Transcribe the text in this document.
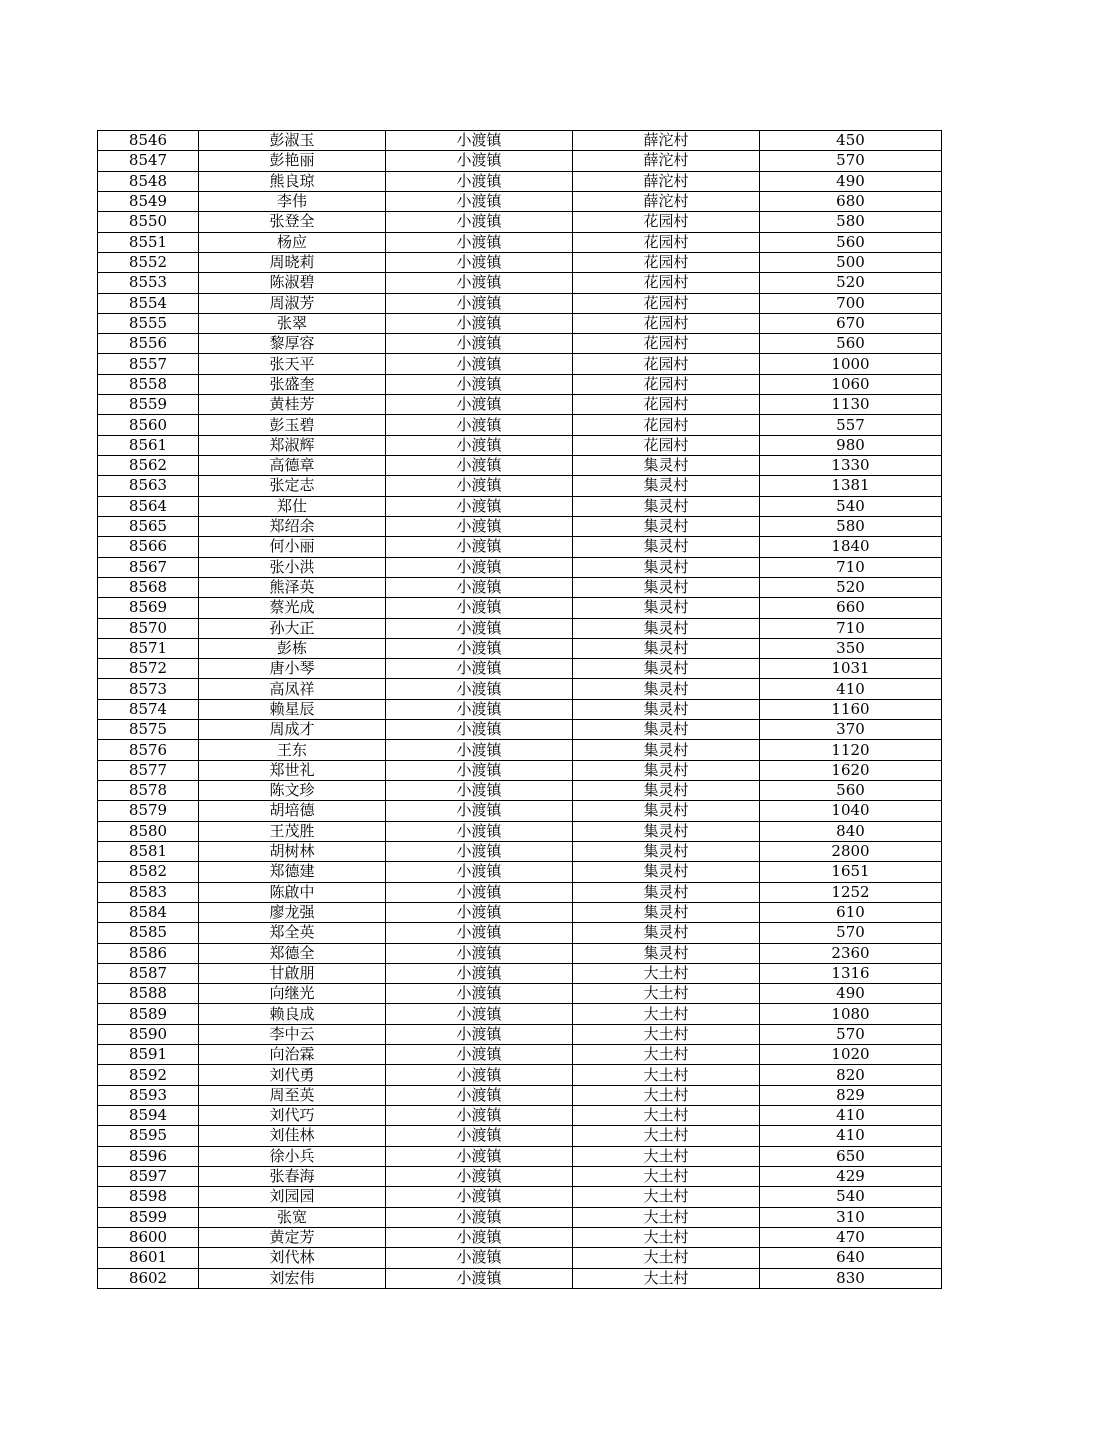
8546	彭淑玉	小渡镇	薛沱村	450
8547	彭艳丽	小渡镇	薛沱村	570
8548	熊良琼	小渡镇	薛沱村	490
8549	李伟	小渡镇	薛沱村	680
8550	张登全	小渡镇	花园村	580
8551	杨应	小渡镇	花园村	560
8552	周晓莉	小渡镇	花园村	500
8553	陈淑碧	小渡镇	花园村	520
8554	周淑芳	小渡镇	花园村	700
8555	张翠	小渡镇	花园村	670
8556	黎厚容	小渡镇	花园村	560
8557	张天平	小渡镇	花园村	1000
8558	张盛奎	小渡镇	花园村	1060
8559	黄桂芳	小渡镇	花园村	1130
8560	彭玉碧	小渡镇	花园村	557
8561	郑淑辉	小渡镇	花园村	980
8562	高德章	小渡镇	集灵村	1330
8563	张定志	小渡镇	集灵村	1381
8564	郑仕	小渡镇	集灵村	540
8565	郑绍余	小渡镇	集灵村	580
8566	何小丽	小渡镇	集灵村	1840
8567	张小洪	小渡镇	集灵村	710
8568	熊泽英	小渡镇	集灵村	520
8569	蔡光成	小渡镇	集灵村	660
8570	孙大正	小渡镇	集灵村	710
8571	彭栋	小渡镇	集灵村	350
8572	唐小琴	小渡镇	集灵村	1031
8573	高凤祥	小渡镇	集灵村	410
8574	赖星辰	小渡镇	集灵村	1160
8575	周成才	小渡镇	集灵村	370
8576	王东	小渡镇	集灵村	1120
8577	郑世礼	小渡镇	集灵村	1620
8578	陈文珍	小渡镇	集灵村	560
8579	胡培德	小渡镇	集灵村	1040
8580	王茂胜	小渡镇	集灵村	840
8581	胡树林	小渡镇	集灵村	2800
8582	郑德建	小渡镇	集灵村	1651
8583	陈啟中	小渡镇	集灵村	1252
8584	廖龙强	小渡镇	集灵村	610
8585	郑全英	小渡镇	集灵村	570
8586	郑德全	小渡镇	集灵村	2360
8587	甘啟朋	小渡镇	大土村	1316
8588	向继光	小渡镇	大土村	490
8589	赖良成	小渡镇	大土村	1080
8590	李中云	小渡镇	大土村	570
8591	向治霖	小渡镇	大土村	1020
8592	刘代勇	小渡镇	大土村	820
8593	周至英	小渡镇	大土村	829
8594	刘代巧	小渡镇	大土村	410
8595	刘佳林	小渡镇	大土村	410
8596	徐小兵	小渡镇	大土村	650
8597	张春海	小渡镇	大土村	429
8598	刘园园	小渡镇	大土村	540
8599	张宽	小渡镇	大土村	310
8600	黄定芳	小渡镇	大土村	470
8601	刘代林	小渡镇	大土村	640
8602	刘宏伟	小渡镇	大土村	830
